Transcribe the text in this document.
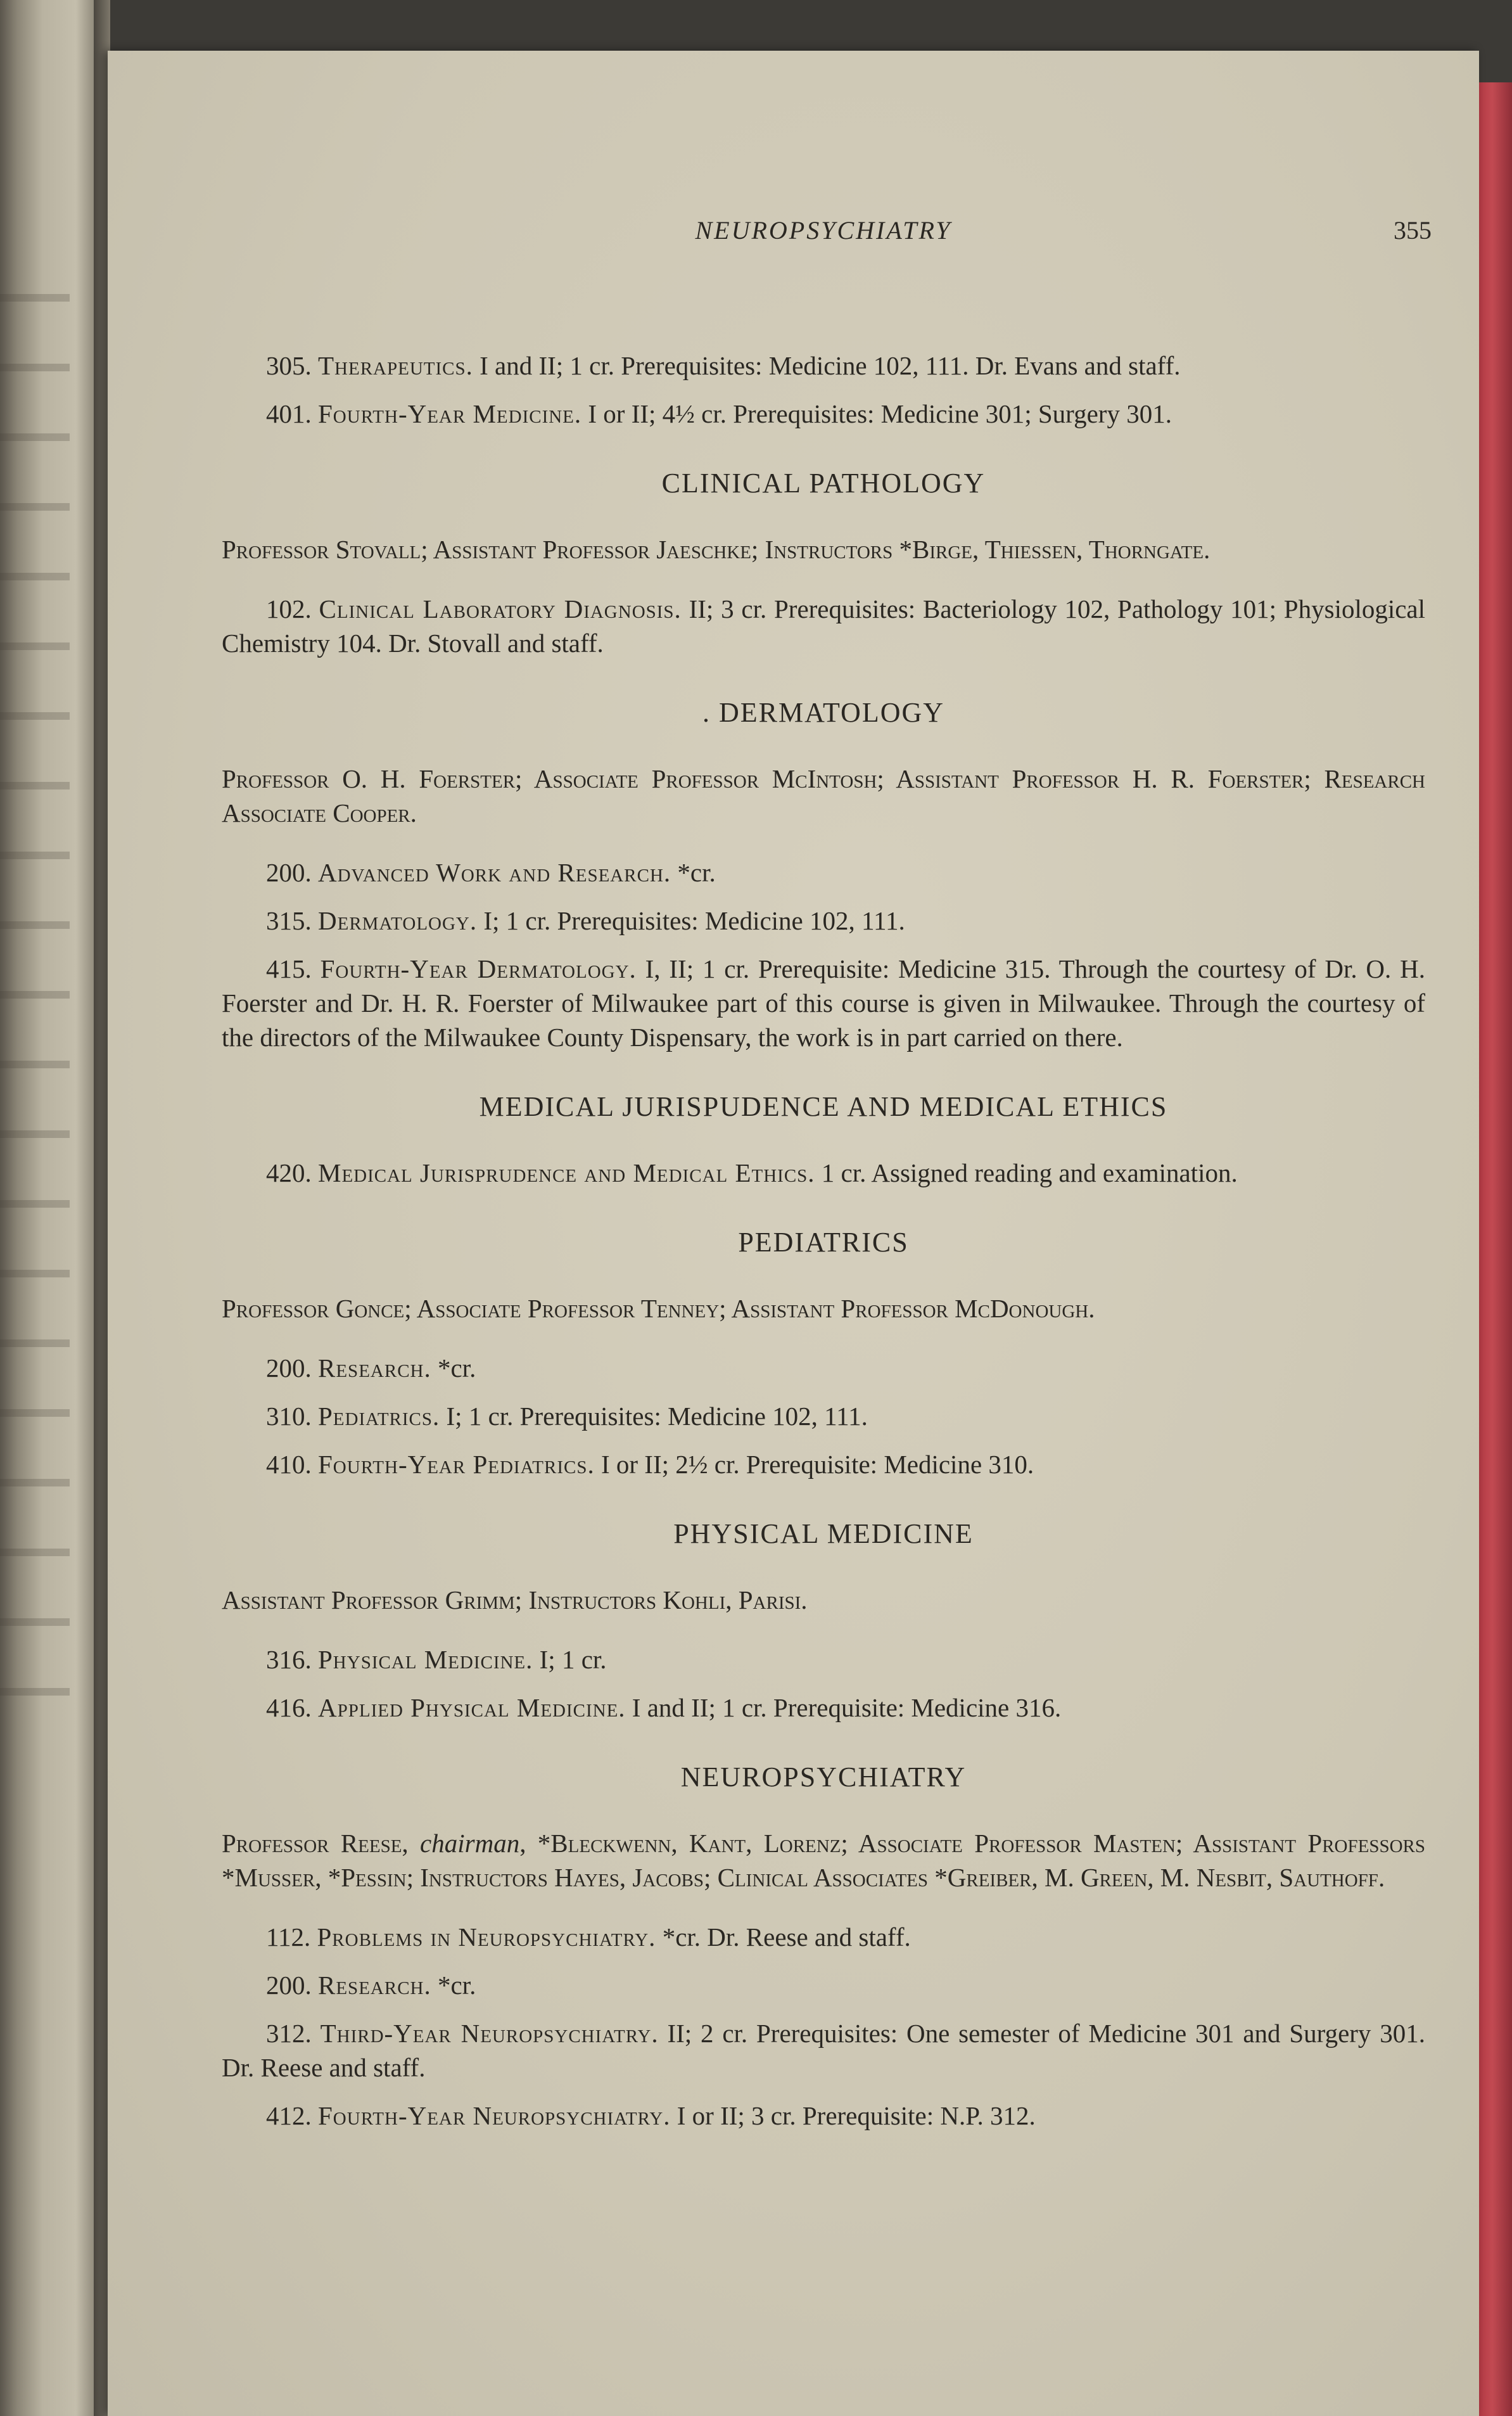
NEUROPSYCHIATRY	355

305. Therapeutics. I and II; 1 cr. Prerequisites: Medicine 102, 111. Dr. Evans and staff.

401. Fourth-Year Medicine. I or II; 4½ cr. Prerequisites: Medicine 301; Surgery 301.

CLINICAL PATHOLOGY

Professor Stovall; Assistant Professor Jaeschke; Instructors *Birge, Thiessen, Thorngate.

102. Clinical Laboratory Diagnosis. II; 3 cr. Prerequisites: Bacteriology 102, Pathology 101; Physiological Chemistry 104. Dr. Stovall and staff.

. DERMATOLOGY

Professor O. H. Foerster; Associate Professor McIntosh; Assistant Professor H. R. Foerster; Research Associate Cooper.

200. Advanced Work and Research. *cr.

315. Dermatology. I; 1 cr. Prerequisites: Medicine 102, 111.

415. Fourth-Year Dermatology. I, II; 1 cr. Prerequisite: Medicine 315. Through the courtesy of Dr. O. H. Foerster and Dr. H. R. Foerster of Milwaukee part of this course is given in Milwaukee. Through the courtesy of the directors of the Milwaukee County Dispensary, the work is in part carried on there.

MEDICAL JURISPUDENCE AND MEDICAL ETHICS

420. Medical Jurisprudence and Medical Ethics. 1 cr. Assigned reading and examination.

PEDIATRICS

Professor Gonce; Associate Professor Tenney; Assistant Professor McDonough.

200. Research. *cr.

310. Pediatrics. I; 1 cr. Prerequisites: Medicine 102, 111.

410. Fourth-Year Pediatrics. I or II; 2½ cr. Prerequisite: Medicine 310.

PHYSICAL MEDICINE

Assistant Professor Grimm; Instructors Kohli, Parisi.

316. Physical Medicine. I; 1 cr.

416. Applied Physical Medicine. I and II; 1 cr. Prerequisite: Medicine 316.

NEUROPSYCHIATRY

Professor Reese, chairman, *Bleckwenn, Kant, Lorenz; Associate Professor Masten; Assistant Professors *Musser, *Pessin; Instructors Hayes, Jacobs; Clinical Associates *Greiber, M. Green, M. Nesbit, Sauthoff.

112. Problems in Neuropsychiatry. *cr. Dr. Reese and staff.

200. Research. *cr.

312. Third-Year Neuropsychiatry. II; 2 cr. Prerequisites: One semester of Medicine 301 and Surgery 301. Dr. Reese and staff.

412. Fourth-Year Neuropsychiatry. I or II; 3 cr. Prerequisite: N.P. 312.
